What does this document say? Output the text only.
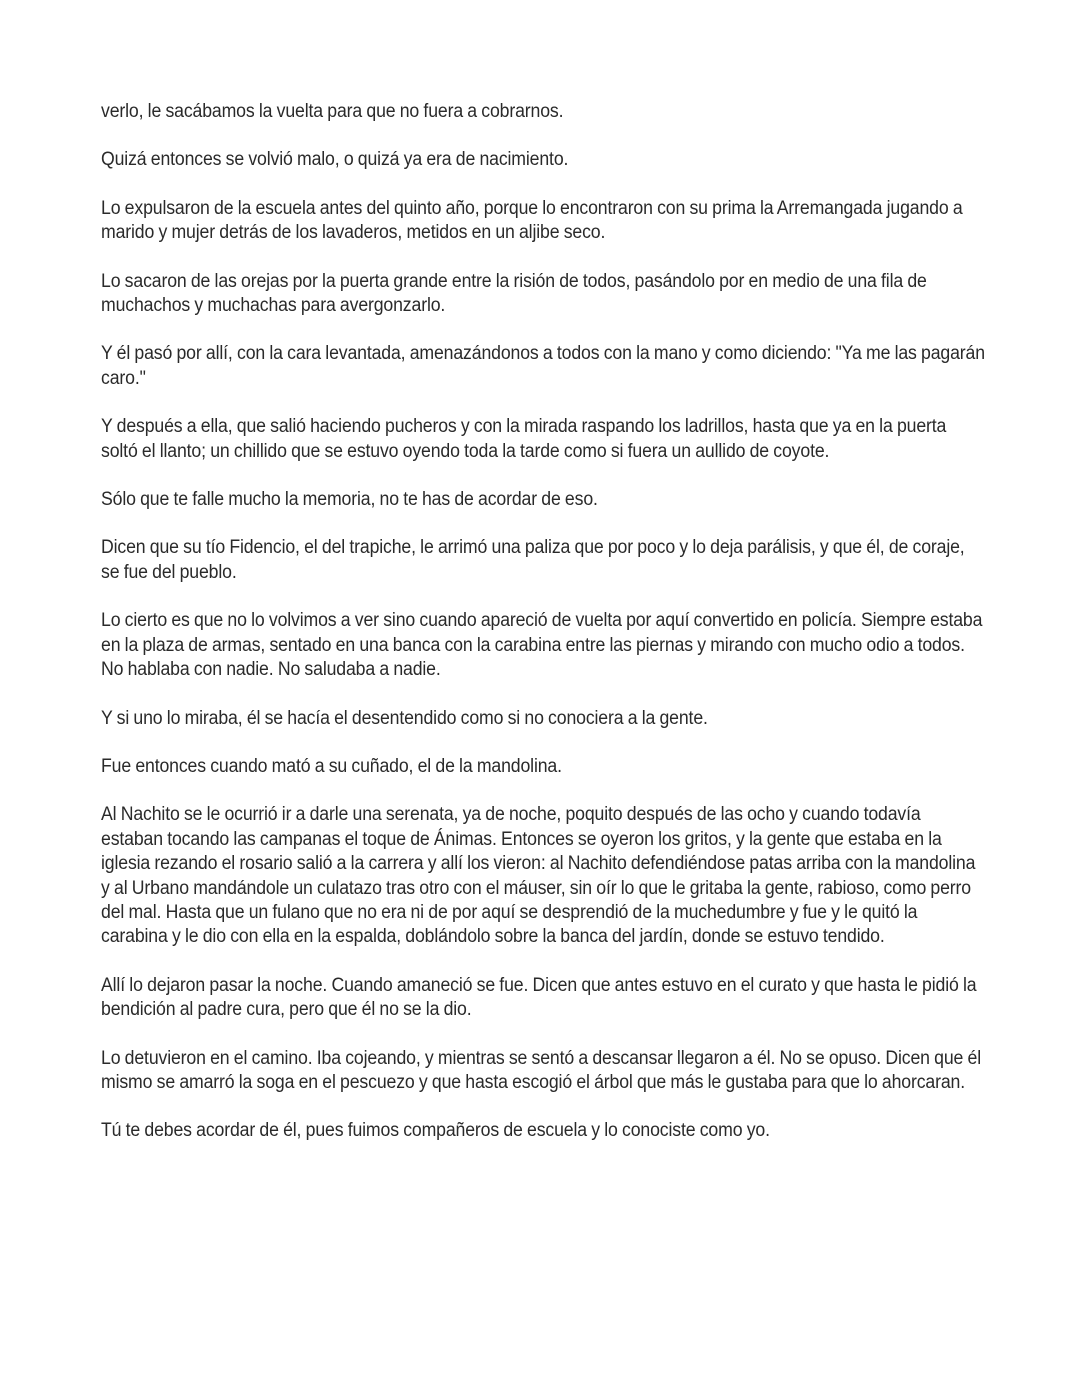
verlo, le sacábamos la vuelta para que no fuera a cobrarnos.

Quizá entonces se volvió malo, o quizá ya era de nacimiento.

Lo expulsaron de la escuela antes del quinto año, porque lo encontraron con su prima la Arremangada jugando a marido y mujer detrás de los lavaderos, metidos en un aljibe seco.

Lo sacaron de las orejas por la puerta grande entre la risión de todos, pasándolo por en medio de una fila de muchachos y muchachas para avergonzarlo.

Y él pasó por allí, con la cara levantada, amenazándonos a todos con la mano y como diciendo: "Ya me las pagarán caro."

Y después a ella, que salió haciendo pucheros y con la mirada raspando los ladrillos, hasta que ya en la puerta soltó el llanto; un chillido que se estuvo oyendo toda la tarde como si fuera un aullido de coyote.

Sólo que te falle mucho la memoria, no te has de acordar de eso.

Dicen que su tío Fidencio, el del trapiche, le arrimó una paliza que por poco y lo deja parálisis, y que él, de coraje, se fue del pueblo.

Lo cierto es que no lo volvimos a ver sino cuando apareció de vuelta por aquí convertido en policía. Siempre estaba en la plaza de armas, sentado en una banca con la carabina entre las piernas y mirando con mucho odio a todos. No hablaba con nadie. No saludaba a nadie.

Y si uno lo miraba, él se hacía el desentendido como si no conociera a la gente.

Fue entonces cuando mató a su cuñado, el de la mandolina.

Al Nachito se le ocurrió ir a darle una serenata, ya de noche, poquito después de las ocho y cuando todavía estaban tocando las campanas el toque de Ánimas. Entonces se oyeron los gritos, y la gente que estaba en la iglesia rezando el rosario salió a la carrera y allí los vieron: al Nachito defendiéndose patas arriba con la mandolina y al Urbano mandándole un culatazo tras otro con el máuser, sin oír lo que le gritaba la gente, rabioso, como perro del mal. Hasta que un fulano que no era ni de por aquí se desprendió de la muchedumbre y fue y le quitó la carabina y le dio con ella en la espalda, doblándolo sobre la banca del jardín, donde se estuvo tendido.

Allí lo dejaron pasar la noche. Cuando amaneció se fue. Dicen que antes estuvo en el curato y que hasta le pidió la bendición al padre cura, pero que él no se la dio.

Lo detuvieron en el camino. Iba cojeando, y mientras se sentó a descansar llegaron a él. No se opuso. Dicen que él mismo se amarró la soga en el pescuezo y que hasta escogió el árbol que más le gustaba para que lo ahorcaran.

Tú te debes acordar de él, pues fuimos compañeros de escuela y lo conociste como yo.
